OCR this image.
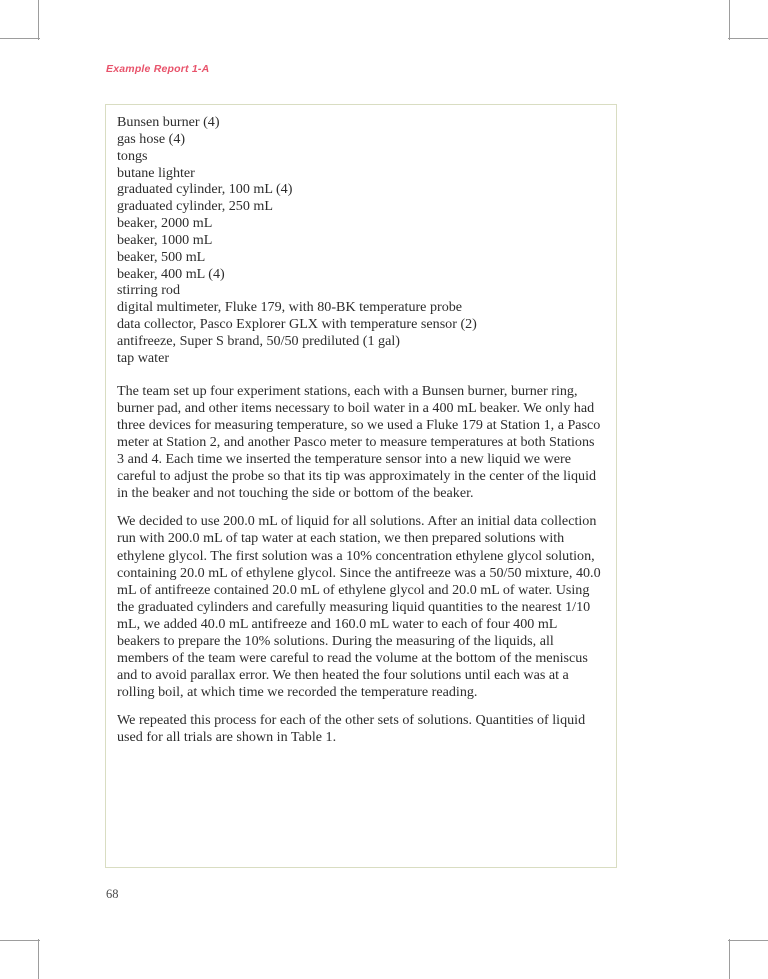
Example Report 1-A
Bunsen burner (4)
gas hose (4)
tongs
butane lighter
graduated cylinder, 100 mL (4)
graduated cylinder, 250 mL
beaker, 2000 mL
beaker, 1000 mL
beaker, 500 mL
beaker, 400 mL (4)
stirring rod
digital multimeter, Fluke 179, with 80-BK temperature probe
data collector, Pasco Explorer GLX with temperature sensor (2)
antifreeze, Super S brand, 50/50 prediluted (1 gal)
tap water

The team set up four experiment stations, each with a Bunsen burner, burner ring, burner pad, and other items necessary to boil water in a 400 mL beaker. We only had three devices for measuring temperature, so we used a Fluke 179 at Station 1, a Pasco meter at Station 2, and another Pasco meter to measure temperatures at both Stations 3 and 4. Each time we inserted the temperature sensor into a new liquid we were careful to adjust the probe so that its tip was approximately in the center of the liquid in the beaker and not touching the side or bottom of the beaker.

We decided to use 200.0 mL of liquid for all solutions. After an initial data collection run with 200.0 mL of tap water at each station, we then prepared solutions with ethylene glycol. The first solution was a 10% concentration ethylene glycol solution, containing 20.0 mL of ethylene glycol. Since the antifreeze was a 50/50 mixture, 40.0 mL of antifreeze contained 20.0 mL of ethylene glycol and 20.0 mL of water. Using the graduated cylinders and carefully measuring liquid quantities to the nearest 1/10 mL, we added 40.0 mL antifreeze and 160.0 mL water to each of four 400 mL beakers to prepare the 10% solutions. During the measuring of the liquids, all members of the team were careful to read the volume at the bottom of the meniscus and to avoid parallax error. We then heated the four solutions until each was at a rolling boil, at which time we recorded the temperature reading.

We repeated this process for each of the other sets of solutions. Quantities of liquid used for all trials are shown in Table 1.

68
